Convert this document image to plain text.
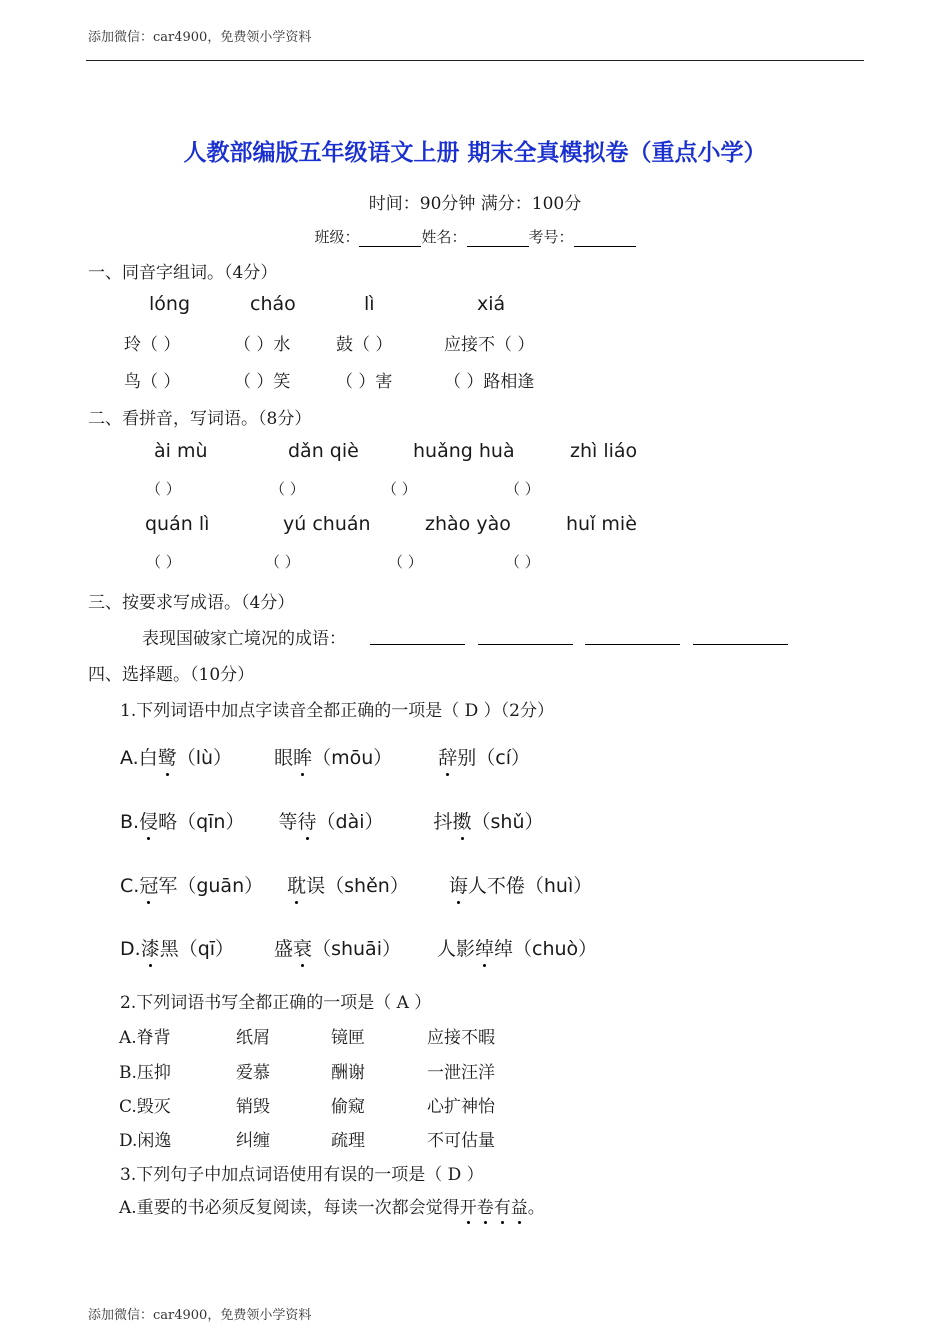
添加微信：car4900，免费领小学资料
人教部编版五年级语文上册 期末全真模拟卷（重点小学）
时间：90分钟 满分：100分
班级：	姓名：	考号：
一、同音字组词。（4分）
lóng	cháo	lì	xiá
玲（ ）	（ ）水	鼓（ ）	应接不（ ）
鸟（ ）	（ ）笑	（ ）害	（ ）路相逢
二、看拼音，写词语。（8分）
ài mù	dǎn qiè	huǎng huà	zhì liáo
（ ）	（ ）	（ ）	（ ）
quán lì	yú chuán	zhào yào	huǐ miè
（ ）	（ ）	（ ）	（ ）
三、按要求写成语。（4分）
表现国破家亡境况的成语：
四、选择题。（10分）
1.下列词语中加点字读音全都正确的一项是（ D ）（2分）
A.白鹭（lù） 眼眸（mōu） 辞别（cí）
B.侵略（qīn） 等待（dài）	抖擞（shǔ）
C.冠军（guān） 耽误（shěn） 诲人不倦（huì）
D.漆黑（qī） 盛衰（shuāi） 人影绰绰（chuò）
2.下列词语书写全都正确的一项是（ A ）
A.脊背	纸屑	镜匣	应接不暇
B.压抑	爱慕	酬谢	一泄汪洋
C.毁灭	销毁	偷窥	心扩神怡
D.闲逸	纠缠	疏理	不可估量
3.下列句子中加点词语使用有误的一项是（ D ）
A.重要的书必须反复阅读，每读一次都会觉得开卷有益。
添加微信：car4900，免费领小学资料
